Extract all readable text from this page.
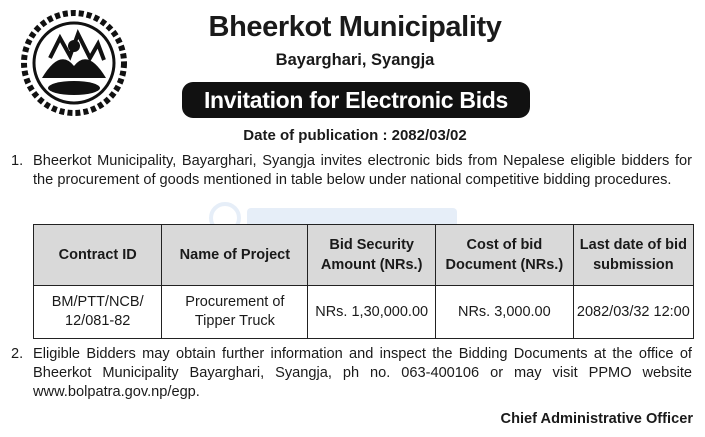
Bheerkot Municipality
Bayarghari, Syangja
Invitation for Electronic Bids
Date of publication : 2082/03/02
1. Bheerkot Municipality, Bayarghari, Syangja invites electronic bids from Nepalese eligible bidders for the procurement of goods mentioned in table below under national competitive bidding procedures.
Contract ID	Name of Project	Bid Security Amount (NRs.)	Cost of bid Document (NRs.)	Last date of bid submission
BM/PTT/NCB/ 12/081-82	Procurement of Tipper Truck	NRs. 1,30,000.00	NRs. 3,000.00	2082/03/32 12:00
2. Eligible Bidders may obtain further information and inspect the Bidding Documents at the office of Bheerkot Municipality Bayarghari, Syangja, ph no. 063-400106 or may visit PPMO website www.bolpatra.gov.np/egp.
Chief Administrative Officer
